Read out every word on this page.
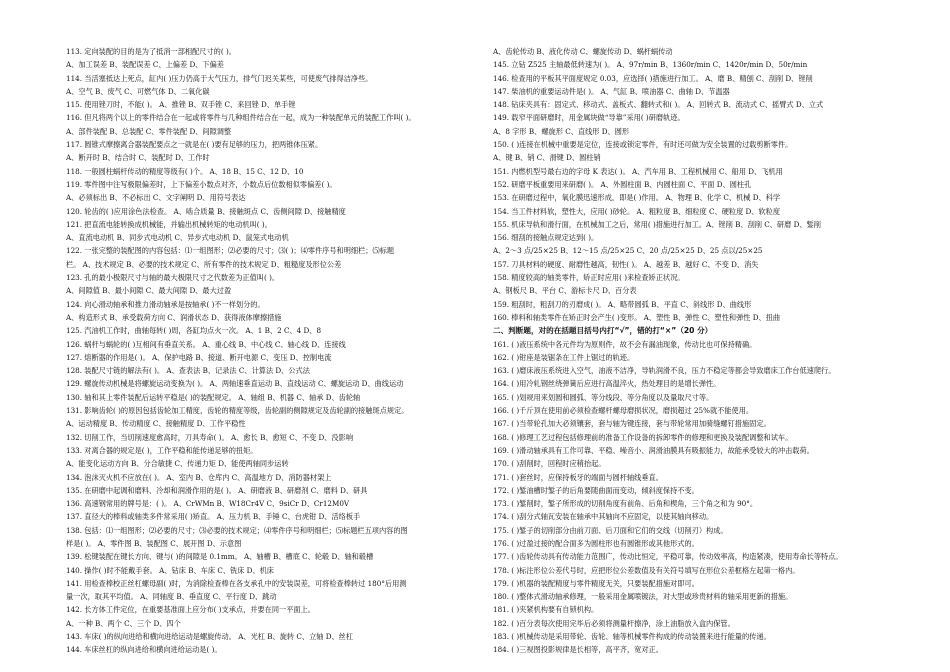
113. 定向装配的目的是为了抵消一部相配尺寸的( )。
A、加工误差 B、装配误差 C、上偏差 D、下偏差
114. 当活塞抵达上死点，缸内( )压力仍高于大气压力，排气门迟关某些，可使废气排得洁净些。
A、空气 B、废气 C、可燃气体 D、二氧化碳
115. 使用锉刀时，不能( )。 A、推锉 B、双手锉 C、来回锉 D、单手锉
116. 但凡将两个以上的零件结合在一起或将零件与几种组件结合在一起，成为一种装配单元的装配工作叫( )。
A、部件装配 B、总装配 C、零件装配 D、间隙调整
117. 圆锥式摩擦离合器装配要点之一就是在( )要有足够的压力，把两锥体压紧。
A、断开时 B、结合时 C、装配时 D、工作时
118. 一般圆柱蜗杆传动的精度等级有( )个。 A、18 B、15 C、12 D、10
119. 零件图中注写极限偏差时，上下偏差小数点对齐，小数点后位数相似零偏差( )。
A、必须标出 B、不必标出 C、文字阐明 D、用符号表达
120. 轮齿的( )应用涂色法检查。 A、啮合质量 B、接触斑点 C、齿侧间隙 D、接触精度
121. 把直流电能转换成机械能，并输出机械转矩的电动机叫( )。
A、直流电动机 B、同步式电动机 C、异步式电动机 D、鼠笼式电动机
122. 一张完整的装配图的内容包括：⑴一组图形；⑵必要的尺寸；⑶( )；⑷零件序号和明细栏；⑸标题
栏。 A、技术规定 B、必要的技术规定 C、所有零件的技术规定 D、粗糙度及形位公差
123. 孔的最小极限尺寸与轴的最大极限尺寸之代数差为正值叫( )。
A、间隙值 B、最小间隙 C、最大间隙 D、最大过盈
124. 向心滑动轴承和推力滑动轴承是按轴承( )不一样划分的。
A、构造形式 B、承受载荷方向 C、润滑状态 D、获得液体摩擦措施
125. 汽油机工作时，曲轴每转( )周，各缸均点火一次。 A、1 B、2 C、4 D、8
126. 蜗杆与蜗轮的( )互相间有垂直关系。 A、重心线 B、中心线 C、轴心线 D、连接线
127. 熔断器的作用是( )。 A、保护电路 B、接道、断开电源 C、变压 D、控制电流
128. 装配尺寸链的解法有( )。 A、查表法 B、记录法 C、计算法 D、公式法
129. 螺旋传动机械是将螺旋运动变换为( )。 A、两轴速垂直运动 B、直线运动 C、螺旋运动 D、曲线运动
130. 轴和其上零件装配后运转平稳是( )的装配规定。 A、轴组 B、机器 C、轴承 D、齿轮轴
131. 影响齿轮( )的原因包括齿轮加工精度，齿轮的精度等级，齿轮副的侧隙规定及齿轮副的接触斑点规定。
A、运动精度 B、传动精度 C、接触精度 D、工作平稳性
132. 切削工作，当切削速度愈高时，刀具寿命( )。 A、愈长 B、愈短 C、不变 D、没影响
133. 对离合器的规定是( )，工作平稳和能传递足够的扭矩。
A、能变化运动方向 B、分合敏捷 C、传递力矩 D、能使两轴同步运转
134. 泡沫灭火机不应放在( )。 A、室内 B、仓库内 C、高温地方 D、消防器材架上
135. 在研磨中起调和磨料、冷却和润滑作用的是( )。 A、研磨液 B、研磨剂 C、磨料 D、研具
136. 高速钢常用的牌号是：( )。 A、CrWMn B、W18Cr4V C、9siCr D、Cr12M0V
137. 直径大的棒料或轴类多件常采用( )矫直。 A、压力机 B、手锤 C、台虎钳 D、活络板手
138. 包括：⑴一组图形；⑵必要的尺寸；⑶必要的技术规定；⑷零件序号和明细栏；⑸标题栏五项内容的图
样是( )。 A、零件图 B、装配图 C、展开图 D、示意图
139. 松键装配在键长方向、键与( )的间隙是 0.1mm。 A、轴槽 B、槽底 C、轮毂 D、轴和毂槽
140. 操作( )时不能戴手套。 A、钻床 B、车床 C、铣床 D、机床
141. 用检查棒校正丝杠螺母副( )时，为消除检查棒在各支承孔中的安装误差，可将检查棒转过 180°后用测
量一次，取其平均值。 A、同轴度 B、垂直度 C、平行度 D、跳动
142. 长方体工件定位，在重要基准面上应分布( )支承点，并要在同一平面上。
A、一种 B、两个 C、三个 D、四个
143. 车床( )的纵向进给和横向进给运动是螺旋传动。 A、光杠 B、旋转 C、立轴 D、丝杠
144. 车床丝杠的纵向进给和横向进给运动是( )。
A、齿轮传动 B、液化传动 C、螺旋传动 D、蜗杆蜗传动
145. 立钻 Z525 主轴最低转速为( )。 A、97r/min B、1360r/min C、1420r/min D、50r/min
146. 检查用的平板其平面度规定 0.03，应选择( )措施进行加工。 A、磨 B、精刨 C、刮削 D、锉削
147. 柴油机的重要运动件是( )。 A、气缸 B、喷油器 C、曲轴 D、节温器
148. 钻床夹具有：固定式、移动式、盖板式、翻转式和( )。 A、回转式 B、流动式 C、摇臂式 D、立式
149. 载窄平面研磨时，用金属块做“导靠”采用( )研磨轨迹。
A、8 字形 B、螺旋形 C、直线形 D、圆形
150. ( )连接在机械中重要是定位，连接或锁定零件，有时还可做为安全装置的过载剪断零件。
A、键 B、销 C、滑键 D、圆柱销
151. 内燃机型号最右边的字母 K 表达( )。 A、汽车用 B、工程机械用 C、船用 D、飞机用
152. 研磨平板重要用来研磨( )。 A、外圆柱面 B、内圆柱面 C、平面 D、圆柱孔
153. 在研磨过程中，氧化膜迅速形成，即是( )作用。 A、物理 B、化学 C、机械 D、科学
154. 当工件材料软，塑性大，应用( )砂轮。 A、粗粒度 B、细粒度 C、硬粒度 D、软粒度
155. 机床导轨和滑行面，在机械加工之后，常用( )措施进行加工。A、锉削 B、刮削 C、研磨 D、錾削
156. 细刮的接触点规定达到( )。
A、2～3 点/25×25 B、12～15 点/25×25 C、20 点/25×25 D、25 点以/25×25
157. 刀具材料的硬度、耐磨性越高，韧性( )。 A、越差 B、越好 C、不变 D、消失
158. 精度较高的轴类零件，矫正时应用( )来检查矫正状况。
A、钢板尺 B、平台 C、游标卡尺 D、百分表
159. 粗刮时，粗刮刀的刃磨成( )。 A、略带圆弧 B、平直 C、斜线形 D、曲线形
160. 棒料和轴类零件在矫正时会产生( )变形。 A、塑性 B、弹性 C、塑性和弹性 D、扭曲
二、判断题，对的在括题目括号内打“√”，错的打“×”（20 分）
161. ( )液压系统中各元件均为原则件，故不会有漏油现象，传动比也可保持精确。
162. ( )钳座是装锯条在工件上锯过的轨迹。
163. ( )磨床液压系统进入空气，油液不洁净，导轨润滑不良，压力不稳定等都会导致磨床工作台低速爬行。
164. ( )用冷轧钢丝绕弹簧后应进行高温淬火，热处理目的是增长弹性。
165. ( )划规用来划圆和圆弧、等分线段、等分角度以及量取尺寸等。
166. ( )千斤顶在使用前必须检查螺杆螺母磨损状况，磨损超过 25%就不能使用。
167. ( )当带轮孔加大必须镶套，套与轴为键连接，套与带轮常用加骑缝螺钉措施固定。
168. ( )修理工艺过程包括修理前的准备工作设备的拆卸零件的修理和更换及装配调整和试车。
169. ( )滑动轴承具有工作可靠、平稳、噪音小、润滑油膜具有吸振能力，故能承受较大的冲击载荷。
170. ( )刮削时，回程时应稍抬起。
171. ( )套丝时，应保持板牙的端面与圆杆轴线垂直。
172. ( )錾油槽时錾子的后角要随曲面而变动，倾斜度保持不变。
173. ( )錾削时，錾子所形成的切削角度有前角、后角和楔角，三个角之和为 90°。
174. ( )刮分式轴瓦安装在轴承中其轴向不应固定，以使其轴向移动。
175. ( )錾子的切削部分由前刀面、后刀面和它们的交线（切削刃）构成。
176. ( )过盈过接的配合面多为圆柱形也有圆锥形或其他形式的。
177. ( )齿轮传动具有传动能力范围广，传动比恒定，平稳可靠，传动效率高，构造紧凑，使用寿命长等特点。
178. ( )标注形位公差代号时，应把形位公差数值及有关符号填写在形位公差框格左起第一格内。
179. ( )机器的装配精度与零件精度无关，只要装配措施对即可。
180. ( )整体式滑动轴承修理，一般采用金属喷镀法，对大型或珍贵材料的轴采用更新的措施。
181. ( )夹紧机构要有自锁机构。
182. ( )百分表每次使用完毕后必须将测量杆擦净，涂上油脂放入盒内保管。
183. ( )机械传动是采用带轮、齿轮、轴等机械零件构成的传动装置来进行能量的传递。
184. ( )三视图投影规律是长相等，高平齐，宽对正。
